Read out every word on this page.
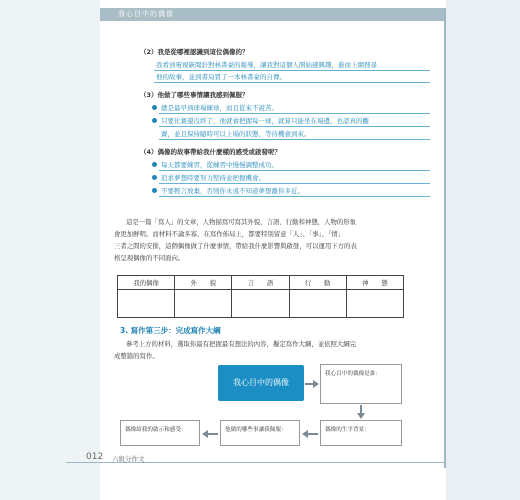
我心目中的偶像
（2）我是從哪裡認識到這位偶像的？
我看到電視新聞針對林書豪的報導，讓我對這個人開始感興趣，進而上網搜尋
他的故事，並到書局買了一本林書豪的自傳。
（3）他做了哪些事情讓我感到佩服？
總是最早到球場練球，而且從來不說苦。
只要比賽還沒終了，他就會把握每一球，就算只能坐在場邊，也認真的觀
賽，並且保持隨時可以上場的狀態，等待機會到來。
（4）偶像的故事帶給我什麼樣的感受或啟發呢？
每天都要練習，從練習中慢慢調整成功。
追求夢想時要努力堅持並把握機會。
不要輕言放棄，否則你永遠不知道夢想離你多近。
這是一篇「寫人」的文章，人物描寫可寫其外貌、言語、行動和神態，人物的形象
會更加鮮明。而材料不論多寡，在寫作佈局上，都要特別留意「人」、「事」、「情」
三者之間的安排，這個偶像做了什麼事情，帶給我什麼影響與啟發，可以運用下方的表
格呈現偶像的不同面向。
我的偶像	外　　貌	言　　語	行　　動	神　　態

3. 寫作第三步：完成寫作大綱
參考上方的材料，選取你最有把握最有想法的內容，擬定寫作大綱，並依照大綱完
成整篇的寫作。
我心目中的偶像
我心目中的偶像是誰：
偶像的生平背景：
他做的哪些事讓我佩服：
偶像給我的啟示和感受：
012 六級分作文
